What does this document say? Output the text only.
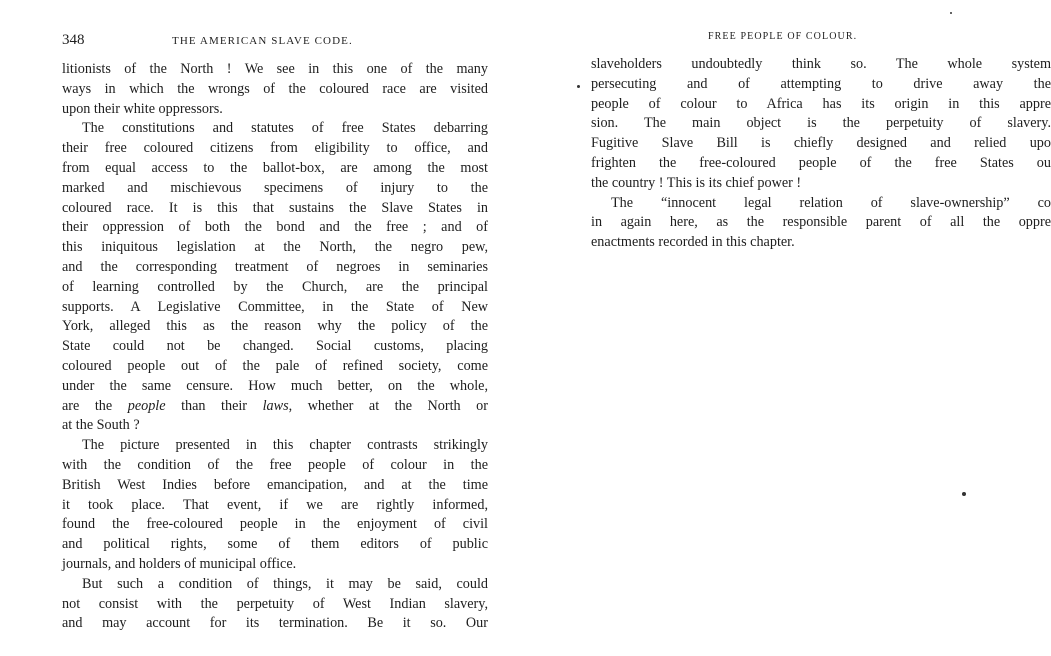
348	THE AMERICAN SLAVE CODE.
litionists of the North ! We see in this one of the many
ways in which the wrongs of the coloured race are visited
upon their white oppressors.
The constitutions and statutes of free States debarring
their free coloured citizens from eligibility to office, and
from equal access to the ballot-box, are among the most
marked and mischievous specimens of injury to the
coloured race. It is this that sustains the Slave States in
their oppression of both the bond and the free ; and of
this iniquitous legislation at the North, the negro pew,
and the corresponding treatment of negroes in seminaries
of learning controlled by the Church, are the principal
supports. A Legislative Committee, in the State of New
York, alleged this as the reason why the policy of the
State could not be changed. Social customs, placing
coloured people out of the pale of refined society, come
under the same censure. How much better, on the whole,
are the people than their laws, whether at the North or
at the South ?
The picture presented in this chapter contrasts strikingly
with the condition of the free people of colour in the
British West Indies before emancipation, and at the time
it took place. That event, if we are rightly informed,
found the free-coloured people in the enjoyment of civil
and political rights, some of them editors of public
journals, and holders of municipal office.
But such a condition of things, it may be said, could
not consist with the perpetuity of West Indian slavery,
and may account for its termination. Be it so. Our
FREE PEOPLE OF COLOUR.
slaveholders undoubtedly think so. The whole system
persecuting and of attempting to drive away the
people of colour to Africa has its origin in this appre
sion. The main object is the perpetuity of slavery.
Fugitive Slave Bill is chiefly designed and relied upo
frighten the free-coloured people of the free States ou
the country ! This is its chief power !
The “innocent legal relation of slave-ownership” co
in again here, as the responsible parent of all the oppre
enactments recorded in this chapter.
